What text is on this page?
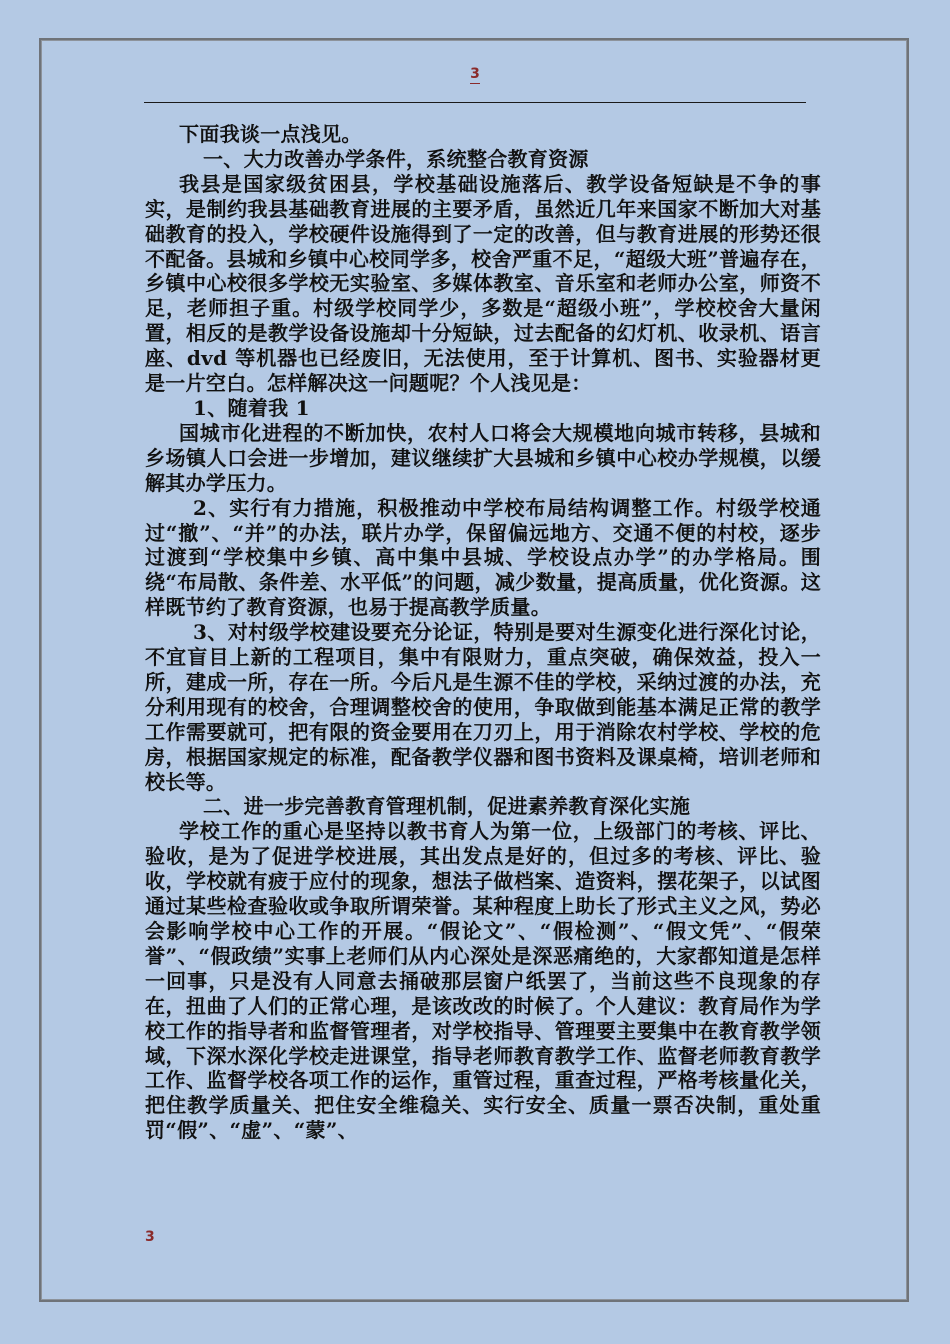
3

下面我谈一点浅见。

一、大力改善办学条件，系统整合教育资源

我县是国家级贫困县，学校基础设施落后、教学设备短缺是不争的事实，是制约我县基础教育进展的主要矛盾，虽然近几年来国家不断加大对基础教育的投入，学校硬件设施得到了一定的改善，但与教育进展的形势还很不配备。县城和乡镇中心校同学多，校舍严重不足，“超级大班”普遍存在，乡镇中心校很多学校无实验室、多媒体教室、音乐室和老师办公室，师资不足，老师担子重。村级学校同学少，多数是“超级小班”，学校校舍大量闲置，相反的是教学设备设施却十分短缺，过去配备的幻灯机、收录机、语言座、dvd 等机器也已经废旧，无法使用，至于计算机、图书、实验器材更是一片空白。怎样解决这一问题呢？个人浅见是：

1、随着我 1

国城市化进程的不断加快，农村人口将会大规模地向城市转移，县城和乡场镇人口会进一步增加，建议继续扩大县城和乡镇中心校办学规模，以缓解其办学压力。

2、实行有力措施，积极推动中学校布局结构调整工作。村级学校通过“撤”、“并”的办法，联片办学，保留偏远地方、交通不便的村校，逐步过渡到“学校集中乡镇、高中集中县城、学校设点办学”的办学格局。围绕“布局散、条件差、水平低”的问题，减少数量，提高质量，优化资源。这样既节约了教育资源，也易于提高教学质量。

3、对村级学校建设要充分论证，特别是要对生源变化进行深化讨论，不宜盲目上新的工程项目，集中有限财力，重点突破，确保效益，投入一所，建成一所，存在一所。今后凡是生源不佳的学校，采纳过渡的办法，充分利用现有的校舍，合理调整校舍的使用，争取做到能基本满足正常的教学工作需要就可，把有限的资金要用在刀刃上，用于消除农村学校、学校的危房，根据国家规定的标准，配备教学仪器和图书资料及课桌椅，培训老师和校长等。

二、进一步完善教育管理机制，促进素养教育深化实施

学校工作的重心是坚持以教书育人为第一位，上级部门的考核、评比、验收，是为了促进学校进展，其出发点是好的，但过多的考核、评比、验收，学校就有疲于应付的现象，想法子做档案、造资料，摆花架子，以试图通过某些检查验收或争取所谓荣誉。某种程度上助长了形式主义之风，势必会影响学校中心工作的开展。“假论文”、“假检测”、“假文凭”、“假荣誉”、“假政绩”实事上老师们从内心深处是深恶痛绝的，大家都知道是怎样一回事，只是没有人同意去捅破那层窗户纸罢了，当前这些不良现象的存在，扭曲了人们的正常心理，是该改改的时候了。个人建议：教育局作为学校工作的指导者和监督管理者，对学校指导、管理要主要集中在教育教学领域，下深水深化学校走进课堂，指导老师教育教学工作、监督老师教育教学工作、监督学校各项工作的运作，重管过程，重查过程，严格考核量化关，把住教学质量关、把住安全维稳关、实行安全、质量一票否决制，重处重罚“假”、“虚”、“蒙”、

3
